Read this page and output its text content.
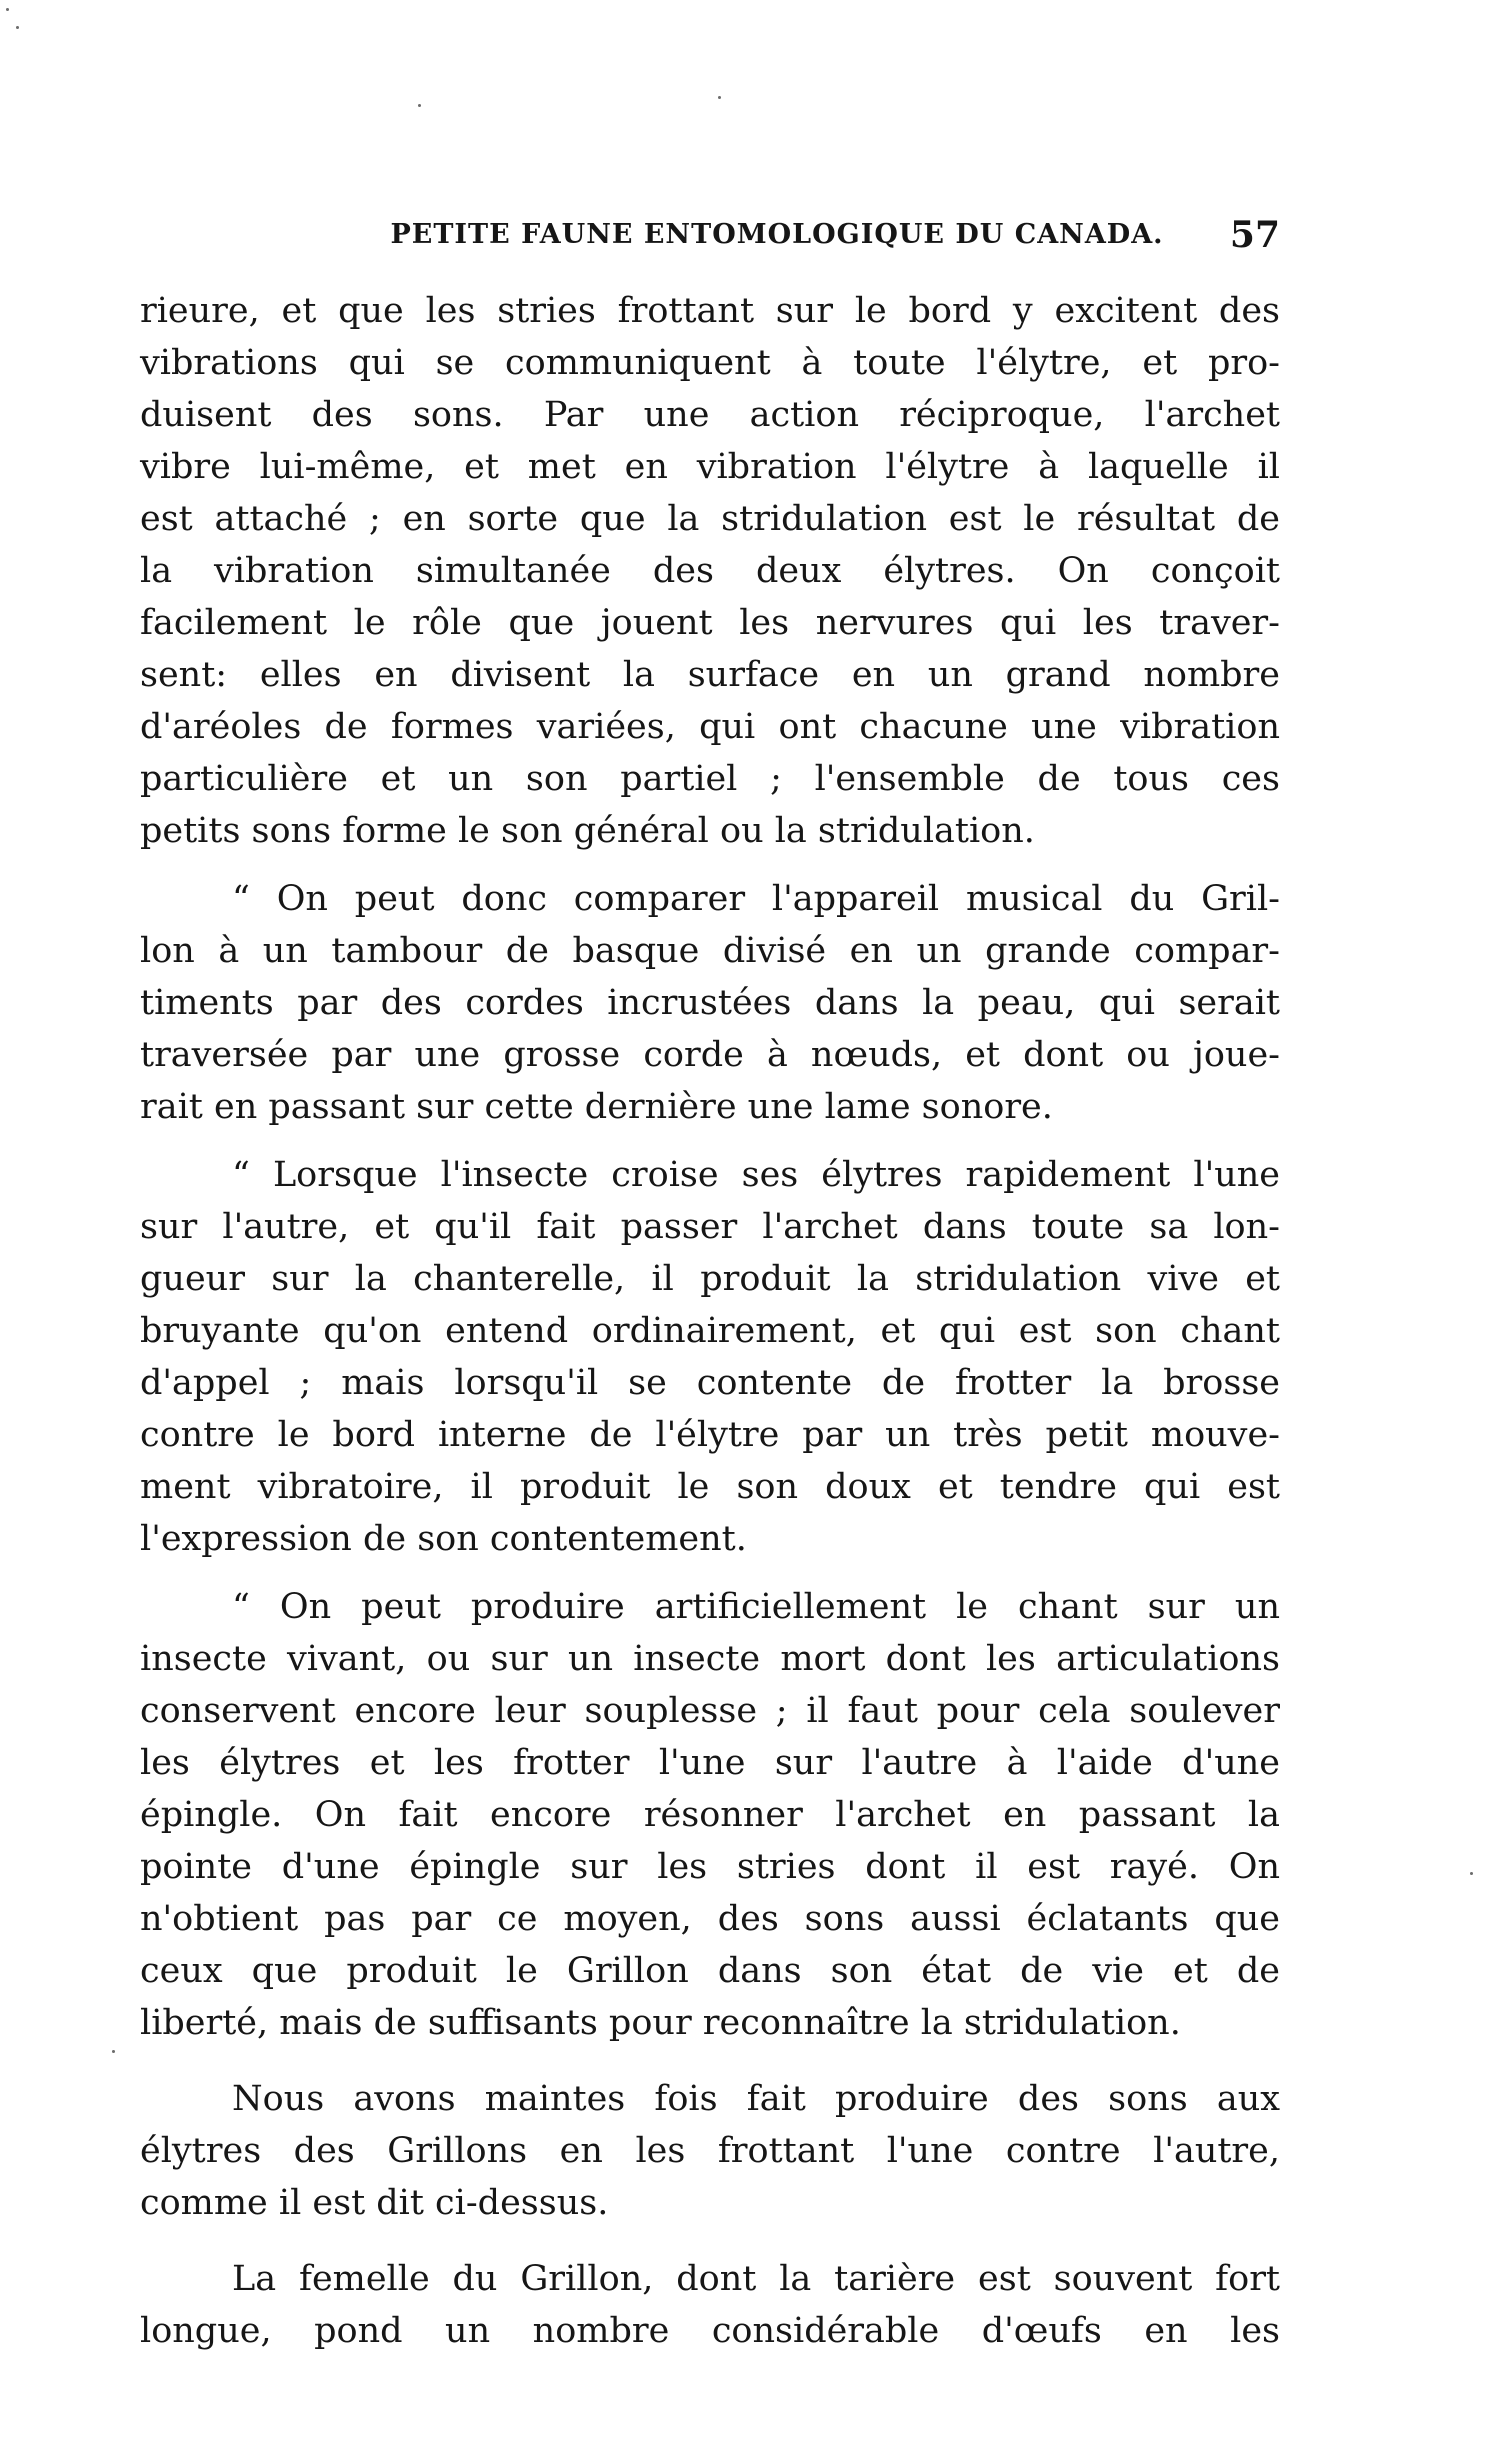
PETITE FAUNE ENTOMOLOGIQUE DU CANADA.	57
rieure, et que les stries frottant sur le bord y excitent des
vibrations qui se communiquent à toute l'élytre, et pro-
duisent des sons. Par une action réciproque, l'archet
vibre lui-même, et met en vibration l'élytre à laquelle il
est attaché ; en sorte que la stridulation est le résultat de
la vibration simultanée des deux élytres. On conçoit
facilement le rôle que jouent les nervures qui les traver-
sent: elles en divisent la surface en un grand nombre
d'aréoles de formes variées, qui ont chacune une vibration
particulière et un son partiel ; l'ensemble de tous ces
petits sons forme le son général ou la stridulation.
“ On peut donc comparer l'appareil musical du Gril-
lon à un tambour de basque divisé en un grande compar-
timents par des cordes incrustées dans la peau, qui serait
traversée par une grosse corde à nœuds, et dont ou joue-
rait en passant sur cette dernière une lame sonore.
“ Lorsque l'insecte croise ses élytres rapidement l'une
sur l'autre, et qu'il fait passer l'archet dans toute sa lon-
gueur sur la chanterelle, il produit la stridulation vive et
bruyante qu'on entend ordinairement, et qui est son chant
d'appel ; mais lorsqu'il se contente de frotter la brosse
contre le bord interne de l'élytre par un très petit mouve-
ment vibratoire, il produit le son doux et tendre qui est
l'expression de son contentement.
“ On peut produire artificiellement le chant sur un
insecte vivant, ou sur un insecte mort dont les articulations
conservent encore leur souplesse ; il faut pour cela soulever
les élytres et les frotter l'une sur l'autre à l'aide d'une
épingle. On fait encore résonner l'archet en passant la
pointe d'une épingle sur les stries dont il est rayé. On
n'obtient pas par ce moyen, des sons aussi éclatants que
ceux que produit le Grillon dans son état de vie et de
liberté, mais de suffisants pour reconnaître la stridulation.
Nous avons maintes fois fait produire des sons aux
élytres des Grillons en les frottant l'une contre l'autre,
comme il est dit ci-dessus.
La femelle du Grillon, dont la tarière est souvent fort
longue, pond un nombre considérable d'œufs en les
